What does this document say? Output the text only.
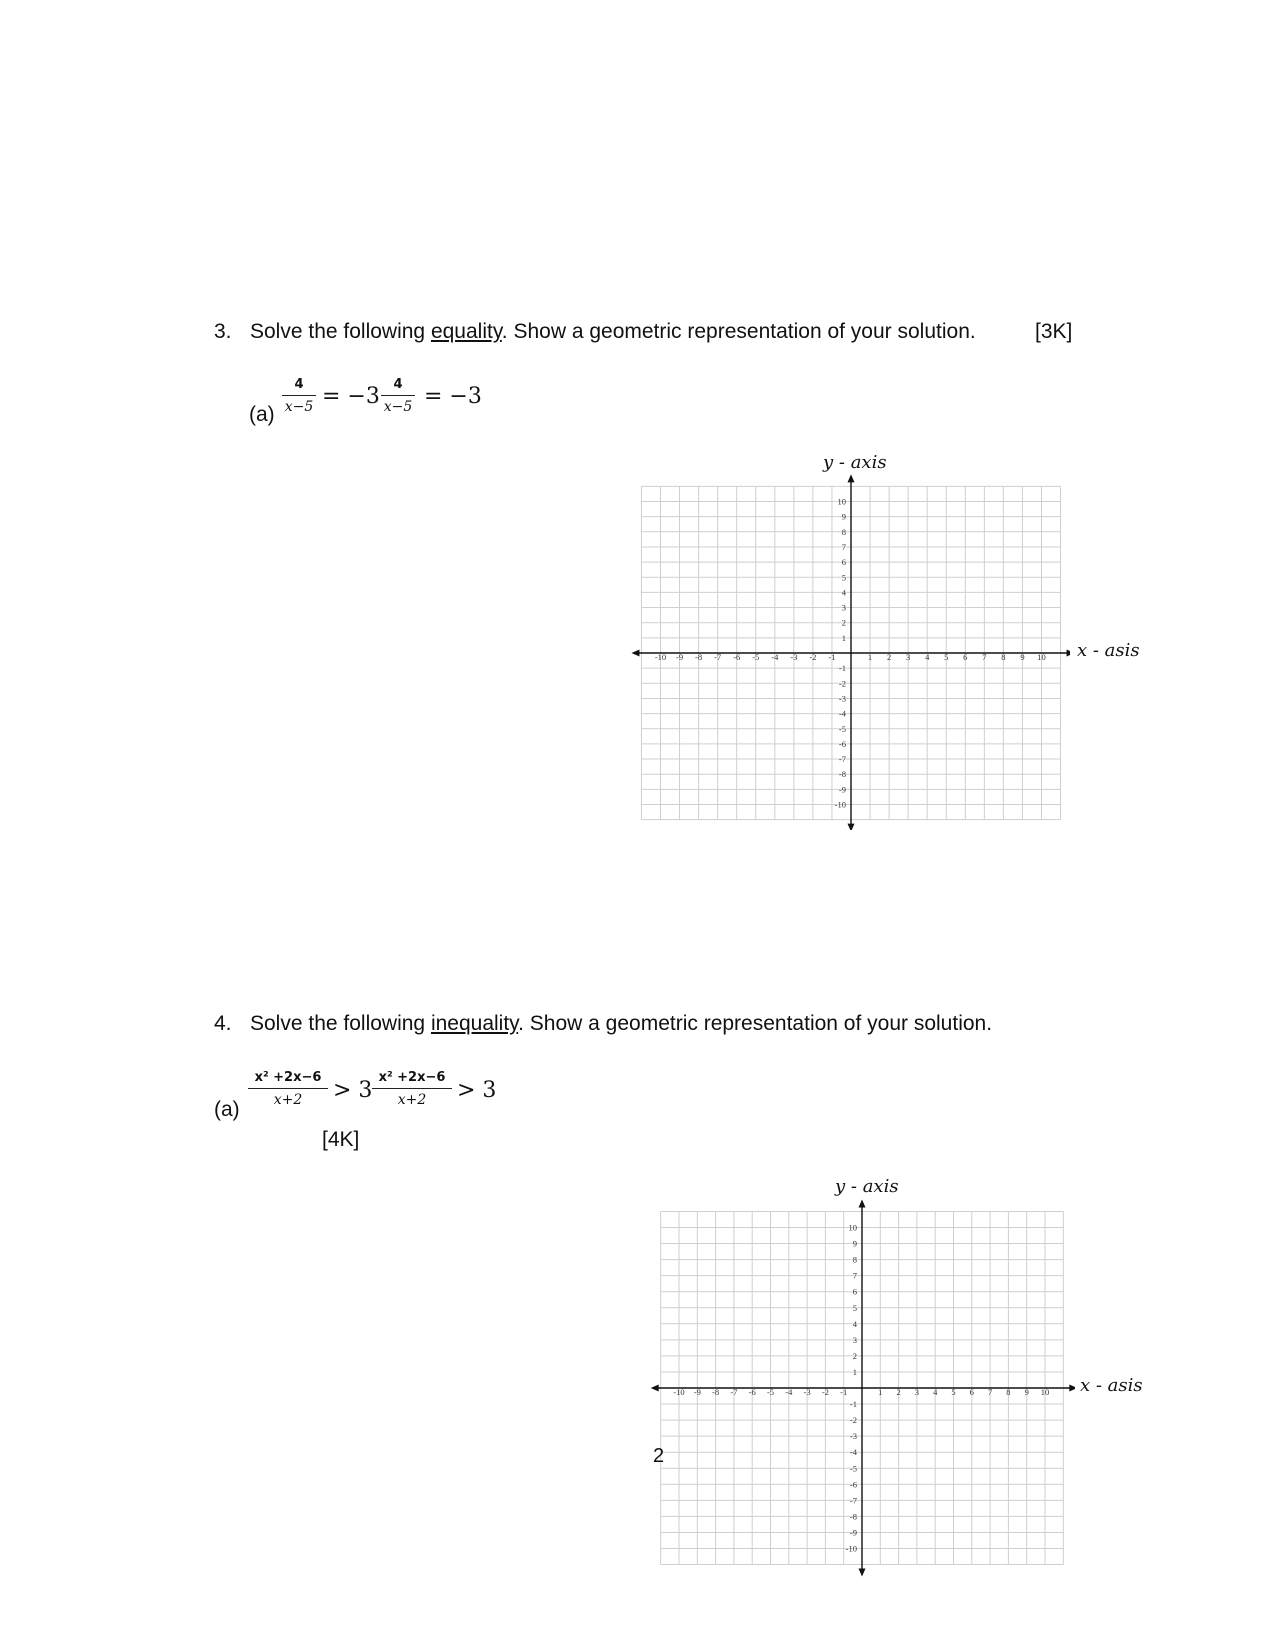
3. Solve the following equality. Show a geometric representation of your solution.	[3K]
(a)
4
x−5 = −3	4
x−5 = −3
y - axis
x - asis
-10
-10
-9
-9
-8
-8
-7
-7
-6
-6
-5
-5
-4
-4
-3
-3
-2
-2
-1
-1
1
1
2
2
3
3
4
4
5
5
6
6
7
7
8
8
9
9
10
10
4. Solve the following inequality. Show a geometric representation of your solution.
(a)
x² +2x−6
x+2	> 3
x² +2x−6
x+2	> 3
[4K]
y - axis
x - asis
-10
-10
-9
-9
-8
-8
-7
-7
-6
-6
-5
-5
-4
-4
-3
-3
-2
-2
-1
-1
1
1
2
2
3
3
4
4
5
5
6
6
7
7
8
8
9
9
10
10
2
